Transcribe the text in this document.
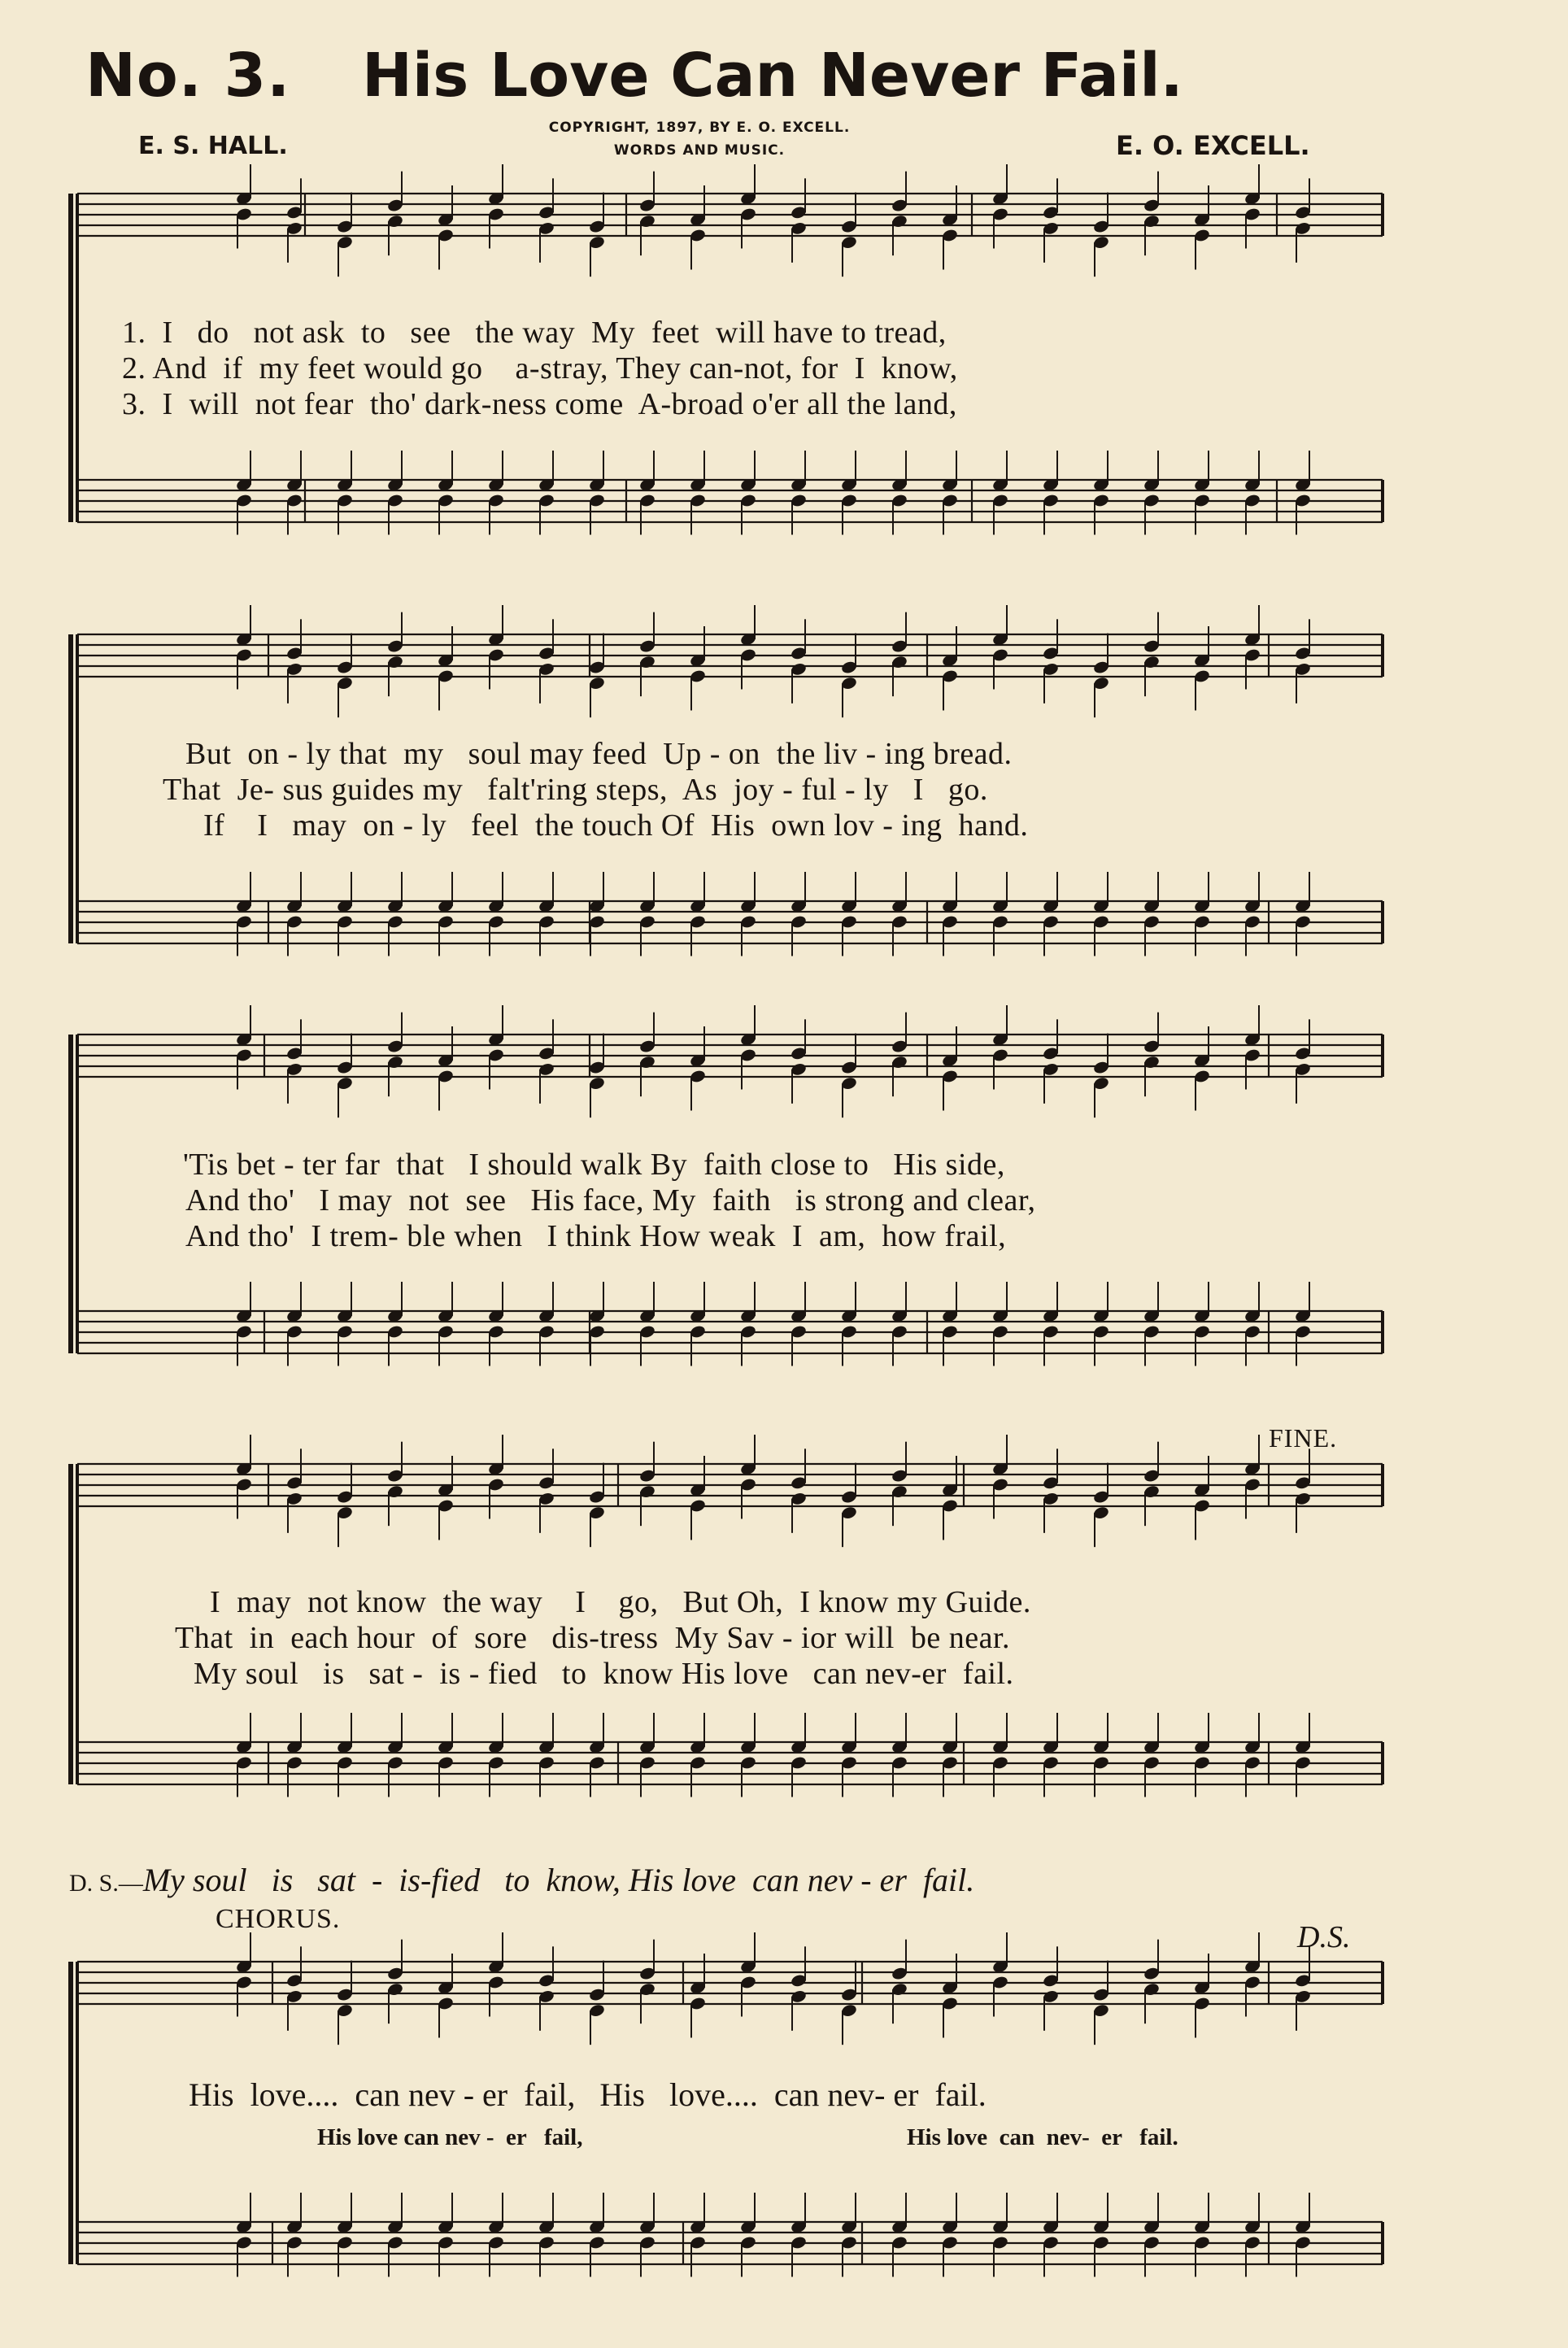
No. 3. His Love Can Never Fail.
E. S. HALL.
COPYRIGHT, 1897, BY E. O. EXCELL.
WORDS AND MUSIC.	E. O. EXCELL.
1.  I   do   not ask  to   see   the way  My  feet  will have to tread,
2. And  if  my feet would go    a-stray, They can-not, for  I  know,
3.  I  will  not fear  tho' dark-ness come  A-broad o'er all the land,
But  on - ly that  my   soul may feed  Up - on  the liv - ing bread.
That  Je- sus guides my   falt'ring steps,  As  joy - ful - ly   I   go.
If    I   may  on - ly   feel  the touch Of  His  own lov - ing  hand.
'Tis bet - ter far  that   I should walk By  faith close to   His side,
And tho'   I may  not  see   His face, My  faith   is strong and clear,
And tho'  I trem- ble when   I think How weak  I  am,  how frail,
FINE.
I  may  not know  the way    I    go,   But Oh,  I know my Guide.
That  in  each hour  of  sore   dis-tress  My Sav - ior will  be near.
My soul   is   sat -  is - fied   to  know His love   can nev-er  fail.
D. S.—My soul   is   sat  -  is-fied   to  know, His love  can nev - er  fail.
CHORUS.
D.S.
His  love....  can nev - er  fail,   His   love....  can nev- er  fail.
His love can nev -  er   fail,	His love  can  nev-  er   fail.
